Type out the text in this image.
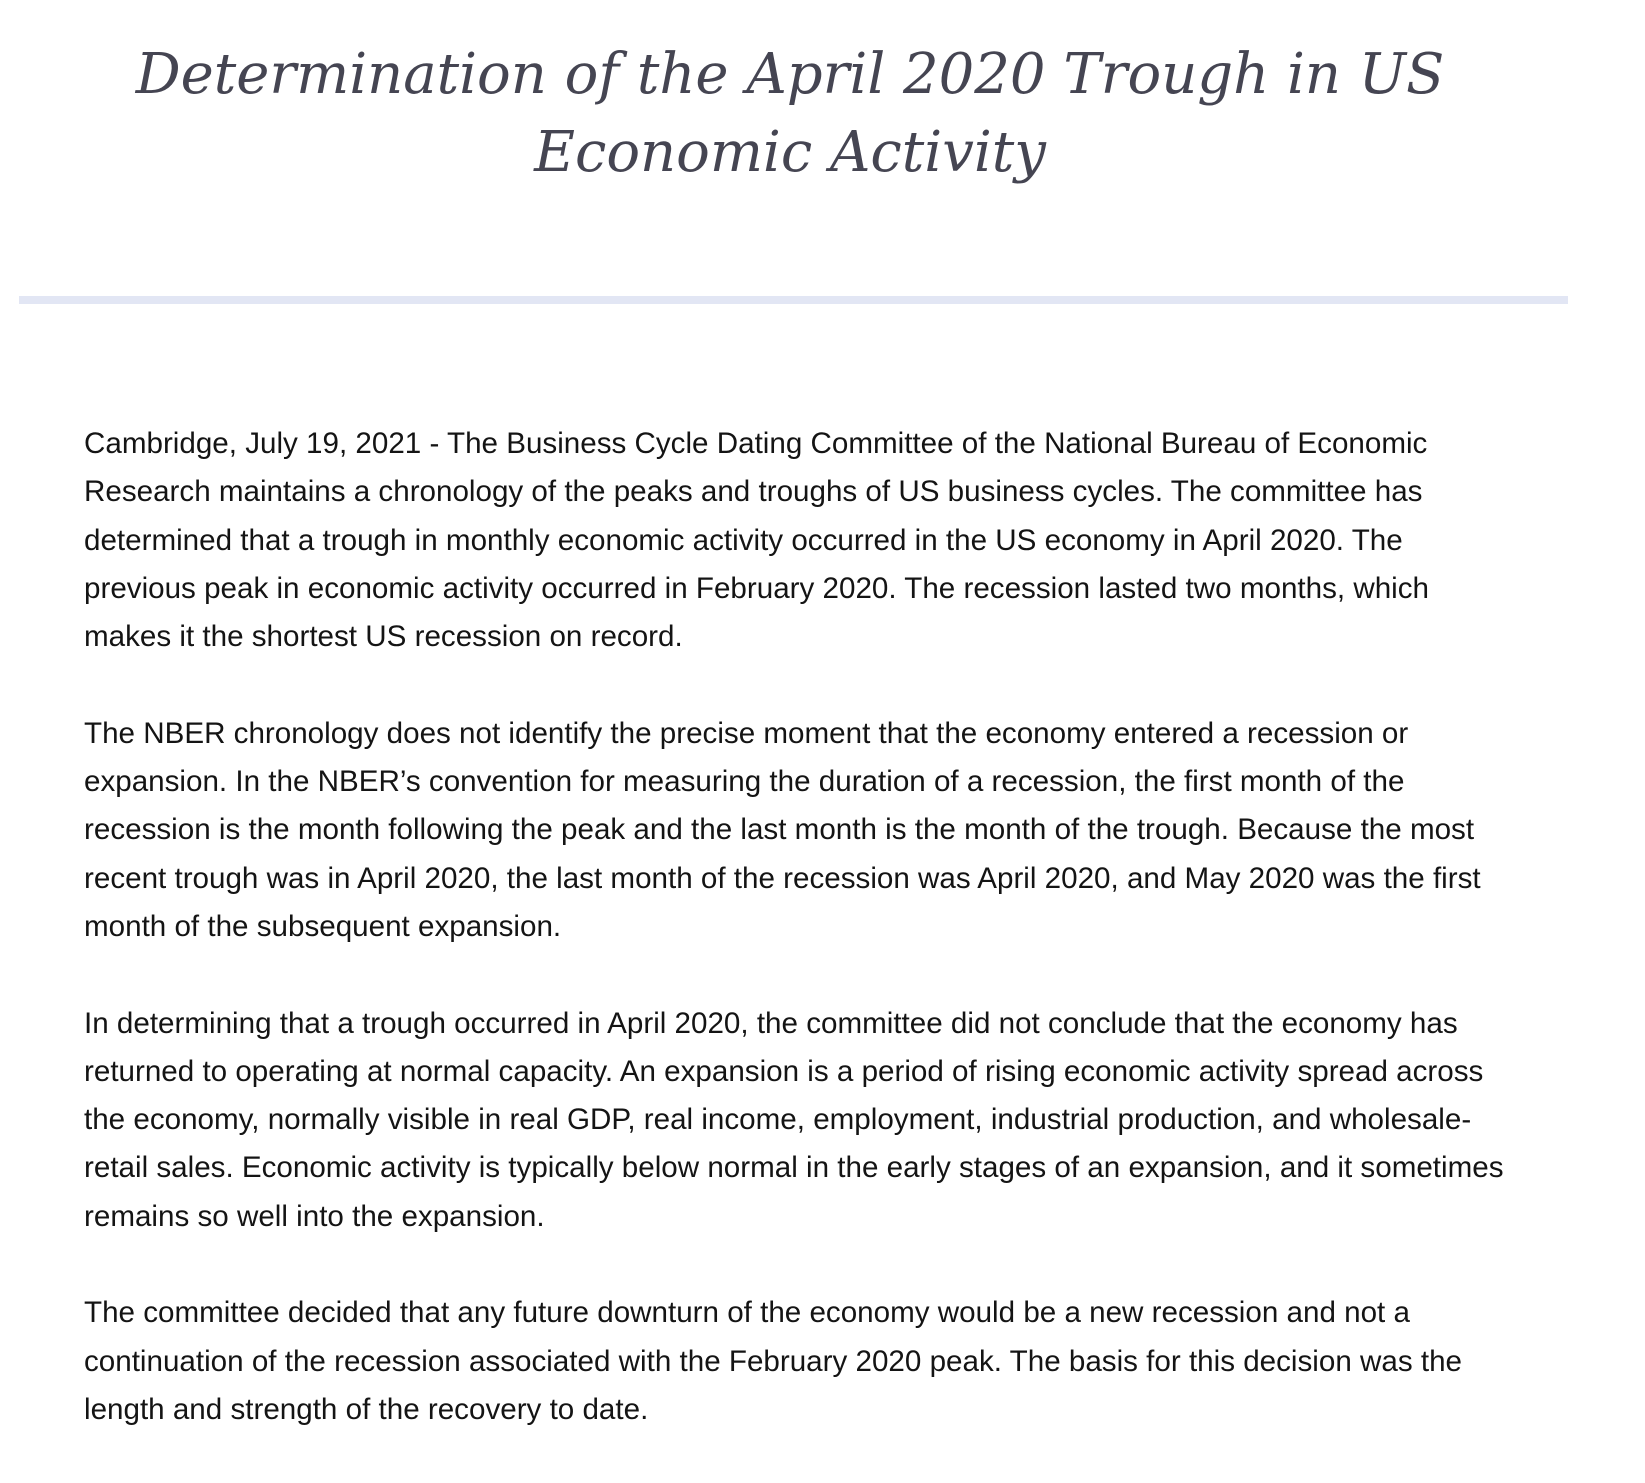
Determination of the April 2020 Trough in US Economic Activity

Cambridge, July 19, 2021 - The Business Cycle Dating Committee of the National Bureau of Economic Research maintains a chronology of the peaks and troughs of US business cycles. The committee has determined that a trough in monthly economic activity occurred in the US economy in April 2020. The previous peak in economic activity occurred in February 2020. The recession lasted two months, which makes it the shortest US recession on record.

The NBER chronology does not identify the precise moment that the economy entered a recession or expansion. In the NBER’s convention for measuring the duration of a recession, the first month of the recession is the month following the peak and the last month is the month of the trough. Because the most recent trough was in April 2020, the last month of the recession was April 2020, and May 2020 was the first month of the subsequent expansion.

In determining that a trough occurred in April 2020, the committee did not conclude that the economy has returned to operating at normal capacity. An expansion is a period of rising economic activity spread across the economy, normally visible in real GDP, real income, employment, industrial production, and wholesale-retail sales. Economic activity is typically below normal in the early stages of an expansion, and it sometimes remains so well into the expansion.

The committee decided that any future downturn of the economy would be a new recession and not a continuation of the recession associated with the February 2020 peak. The basis for this decision was the length and strength of the recovery to date.
